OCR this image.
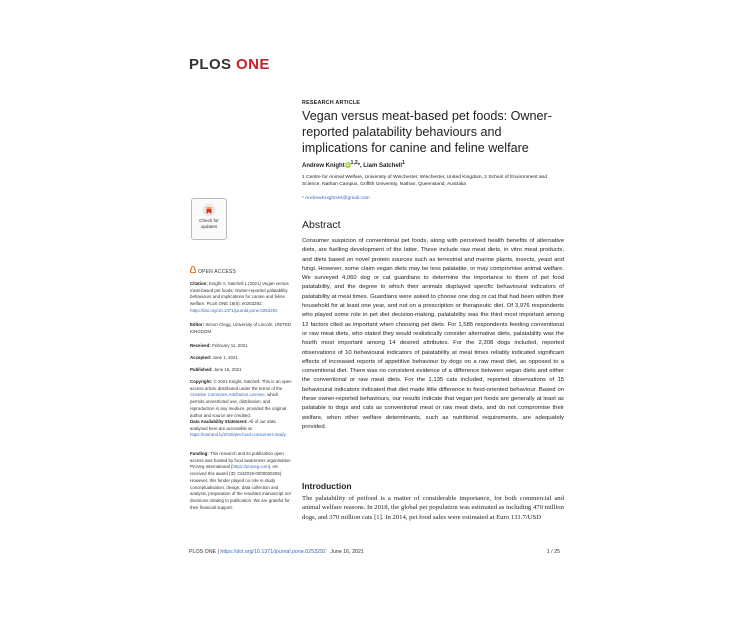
PLOS ONE
Check for
updates
OPEN ACCESS
Citation: Knight A, Satchell L (2021) Vegan versus meat-based pet foods: Owner-reported palatability behaviours and implications for canine and feline welfare. PLoS ONE 16(6): e0253292. https://doi.org/10.1371/journal.pone.0253292
Editor: Simon Clegg, University of Lincoln, UNITED KINGDOM
Received: February 11, 2021
Accepted: June 1, 2021
Published: June 16, 2021
Copyright: © 2021 Knight, Satchell. This is an open access article distributed under the terms of the Creative Commons Attribution License, which permits unrestricted use, distribution, and reproduction in any medium, provided the original author and source are credited.
Data Availability Statement: All of our data analysed here are accessible at https://ntorand.ly/2020/pet-food-consumers-study.
Funding: This research and its publication open access was funded by food awareness organisation ProVeg International (https://proveg.com). AK received this award (ID: Oct2019-0000000266). However, this funder played no role in study conceptualisation, design, data collection and analysis, preparation of the resultant manuscript nor decisions relating to publication. We are grateful for their financial support.
RESEARCH ARTICLE
Vegan versus meat-based pet foods: Owner-reported palatability behaviours and implications for canine and feline welfare
Andrew KnightiD$^{1,2}$*, Liam Satchell$^1$
1 Centre for Animal Welfare, University of Winchester, Winchester, United Kingdom, 2 School of Environment and Science, Nathan Campus, Griffith University, Nathan, Queensland, Australia
* AndrewKnightVet@gmail.com
Abstract
Consumer suspicion of conventional pet foods, along with perceived health benefits of alternative diets, are fuelling development of the latter. These include raw meat diets, in vitro meat products, and diets based on novel protein sources such as terrestrial and marine plants, insects, yeast and fungi. However, some claim vegan diets may be less palatable, or may compromise animal welfare. We surveyed 4,060 dog or cat guardians to determine the importance to them of pet food palatability, and the degree to which their animals displayed specific behavioural indicators of palatability at meal times. Guardians were asked to choose one dog or cat that had been within their household for at least one year, and not on a prescription or therapeutic diet. Of 3,976 respondents who played some role in pet diet decision-making, palatability was the third most important among 12 factors cited as important when choosing pet diets. For 1,585 respondents feeding conventional or raw meat diets, who stated they would realistically consider alternative diets, palatability was the fourth most important among 14 desired attributes. For the 2,308 dogs included, reported observations of 10 behavioural indicators of palatability at meal times reliably indicated significant effects of increased reports of appetitive behaviour by dogs on a raw meat diet, as opposed to a conventional diet. There was no consistent evidence of a difference between vegan diets and either the conventional or raw meat diets. For the 1,135 cats included, reported observations of 15 behavioural indicators indicated that diet made little difference to food-oriented behaviour. Based on these owner-reported behaviours, our results indicate that vegan pet foods are generally at least as palatable to dogs and cats as conventional meat or raw meat diets, and do not compromise their welfare, when other welfare determinants, such as nutritional requirements, are adequately provided.
Introduction
The palatability of petfood is a matter of considerable importance, for both commercial and animal welfare reasons. In 2018, the global pet population was estimated as including 470 million dogs, and 370 million cats [1]. In 2014, pet food sales were estimated at Euro 131.7/USD
PLOS ONE | https://doi.org/10.1371/journal.pone.0253292 June 16, 2021	1 / 25
